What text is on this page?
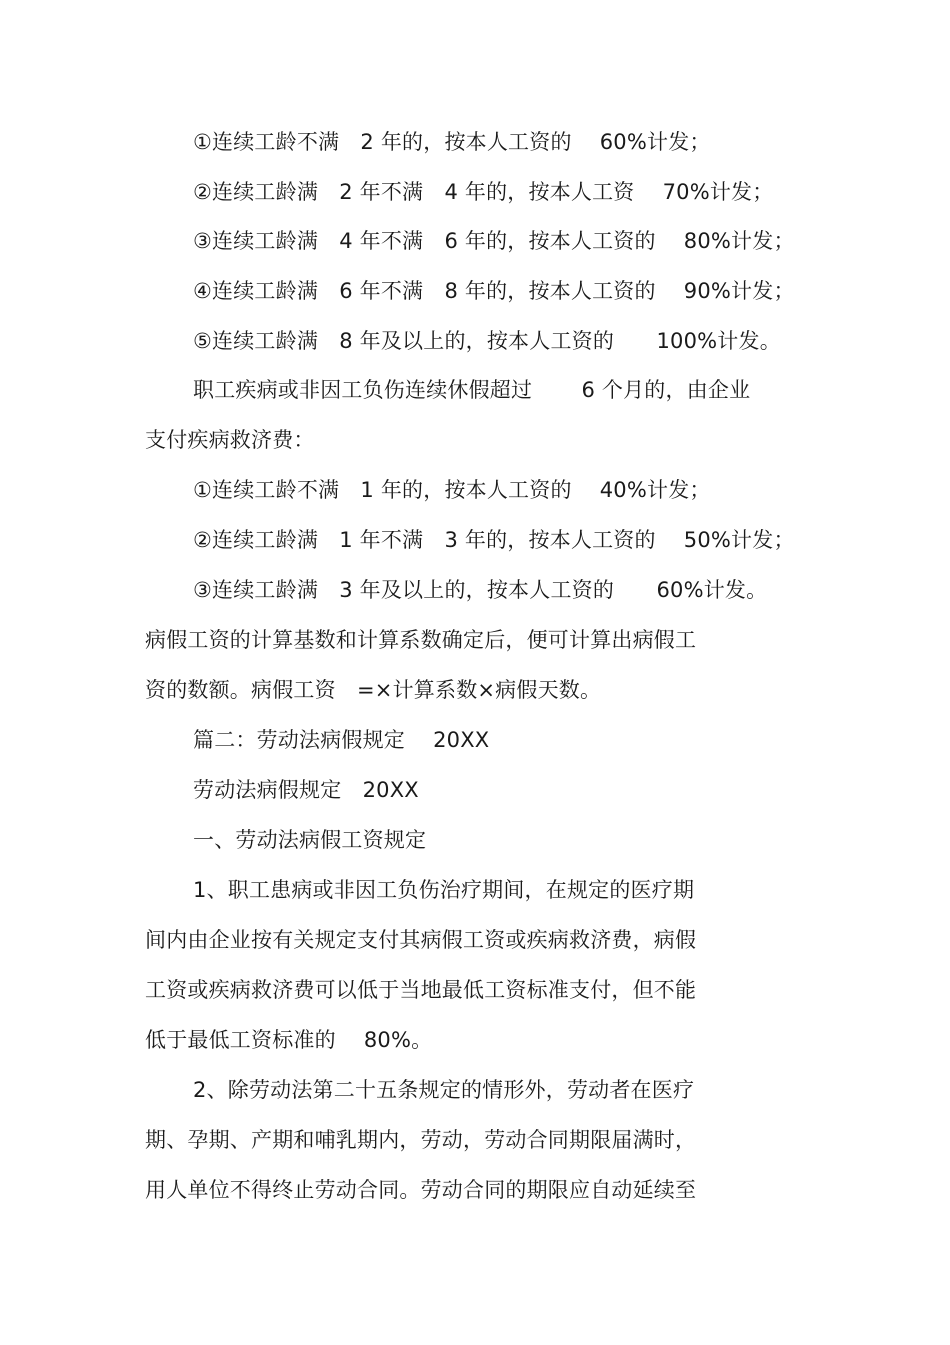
①连续工龄不满　2 年的，按本人工资的　 60%计发；
②连续工龄满　2 年不满　4 年的，按本人工资　 70%计发；
③连续工龄满　4 年不满　6 年的，按本人工资的　 80%计发；
④连续工龄满　6 年不满　8 年的，按本人工资的　 90%计发；
⑤连续工龄满　8 年及以上的，按本人工资的　　100%计发。
职工疾病或非因工负伤连续休假超过　　 6 个月的，由企业
支付疾病救济费：
①连续工龄不满　1 年的，按本人工资的　 40%计发；
②连续工龄满　1 年不满　3 年的，按本人工资的　 50%计发；
③连续工龄满　3 年及以上的，按本人工资的　　60%计发。
病假工资的计算基数和计算系数确定后，便可计算出病假工
资的数额。病假工资　=×计算系数×病假天数。
篇二：劳动法病假规定　 20XX
劳动法病假规定　20XX
一、劳动法病假工资规定
1、职工患病或非因工负伤治疗期间，在规定的医疗期
间内由企业按有关规定支付其病假工资或疾病救济费，病假
工资或疾病救济费可以低于当地最低工资标准支付，但不能
低于最低工资标准的　 80%。
2、除劳动法第二十五条规定的情形外，劳动者在医疗
期、孕期、产期和哺乳期内，劳动，劳动合同期限届满时，
用人单位不得终止劳动合同。劳动合同的期限应自动延续至
